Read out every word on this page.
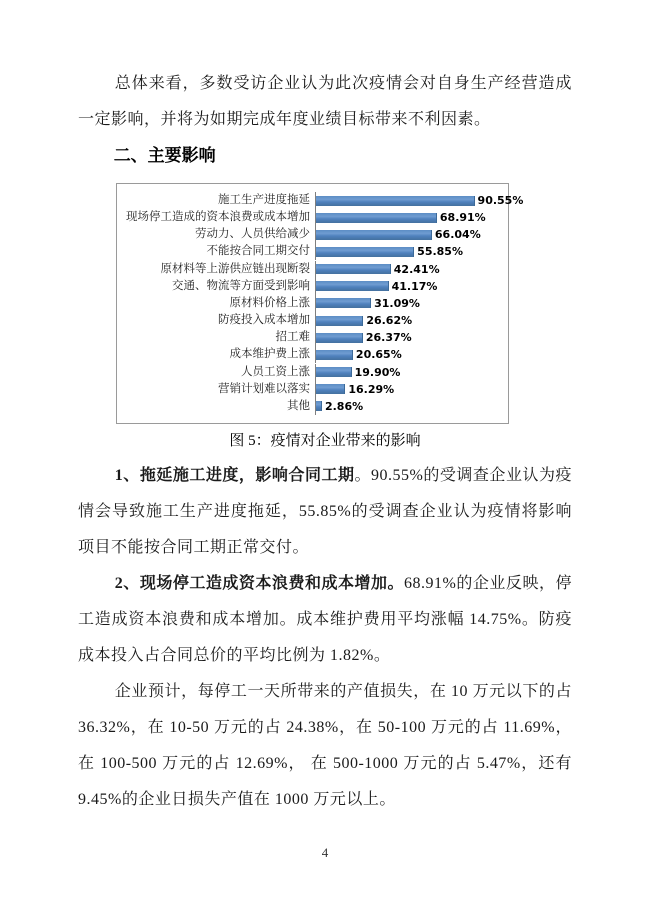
总体来看，多数受访企业认为此次疫情会对自身生产经营造成一定影响，并将为如期完成年度业绩目标带来不利因素。

二、主要影响

施工生产进度拖延	90.55%
现场停工造成的资本浪费或成本增加	68.91%
劳动力、人员供给减少	66.04%
不能按合同工期交付	55.85%
原材料等上游供应链出现断裂	42.41%
交通、物流等方面受到影响	41.17%
原材料价格上涨	31.09%
防疫投入成本增加	26.62%
招工难	26.37%
成本维护费上涨	20.65%
人员工资上涨	19.90%
营销计划难以落实	16.29%
其他	2.86%

图 5：疫情对企业带来的影响

1、拖延施工进度，影响合同工期。90.55%的受调查企业认为疫情会导致施工生产进度拖延，55.85%的受调查企业认为疫情将影响项目不能按合同工期正常交付。

2、现场停工造成资本浪费和成本增加。68.91%的企业反映，停工造成资本浪费和成本增加。成本维护费用平均涨幅 14.75%。防疫成本投入占合同总价的平均比例为 1.82%。

企业预计，每停工一天所带来的产值损失，在 10 万元以下的占 36.32%，在 10-50 万元的占 24.38%，在 50-100 万元的占 11.69%，在 100-500 万元的占 12.69%， 在 500-1000 万元的占 5.47%，还有 9.45%的企业日损失产值在 1000 万元以上。

4
